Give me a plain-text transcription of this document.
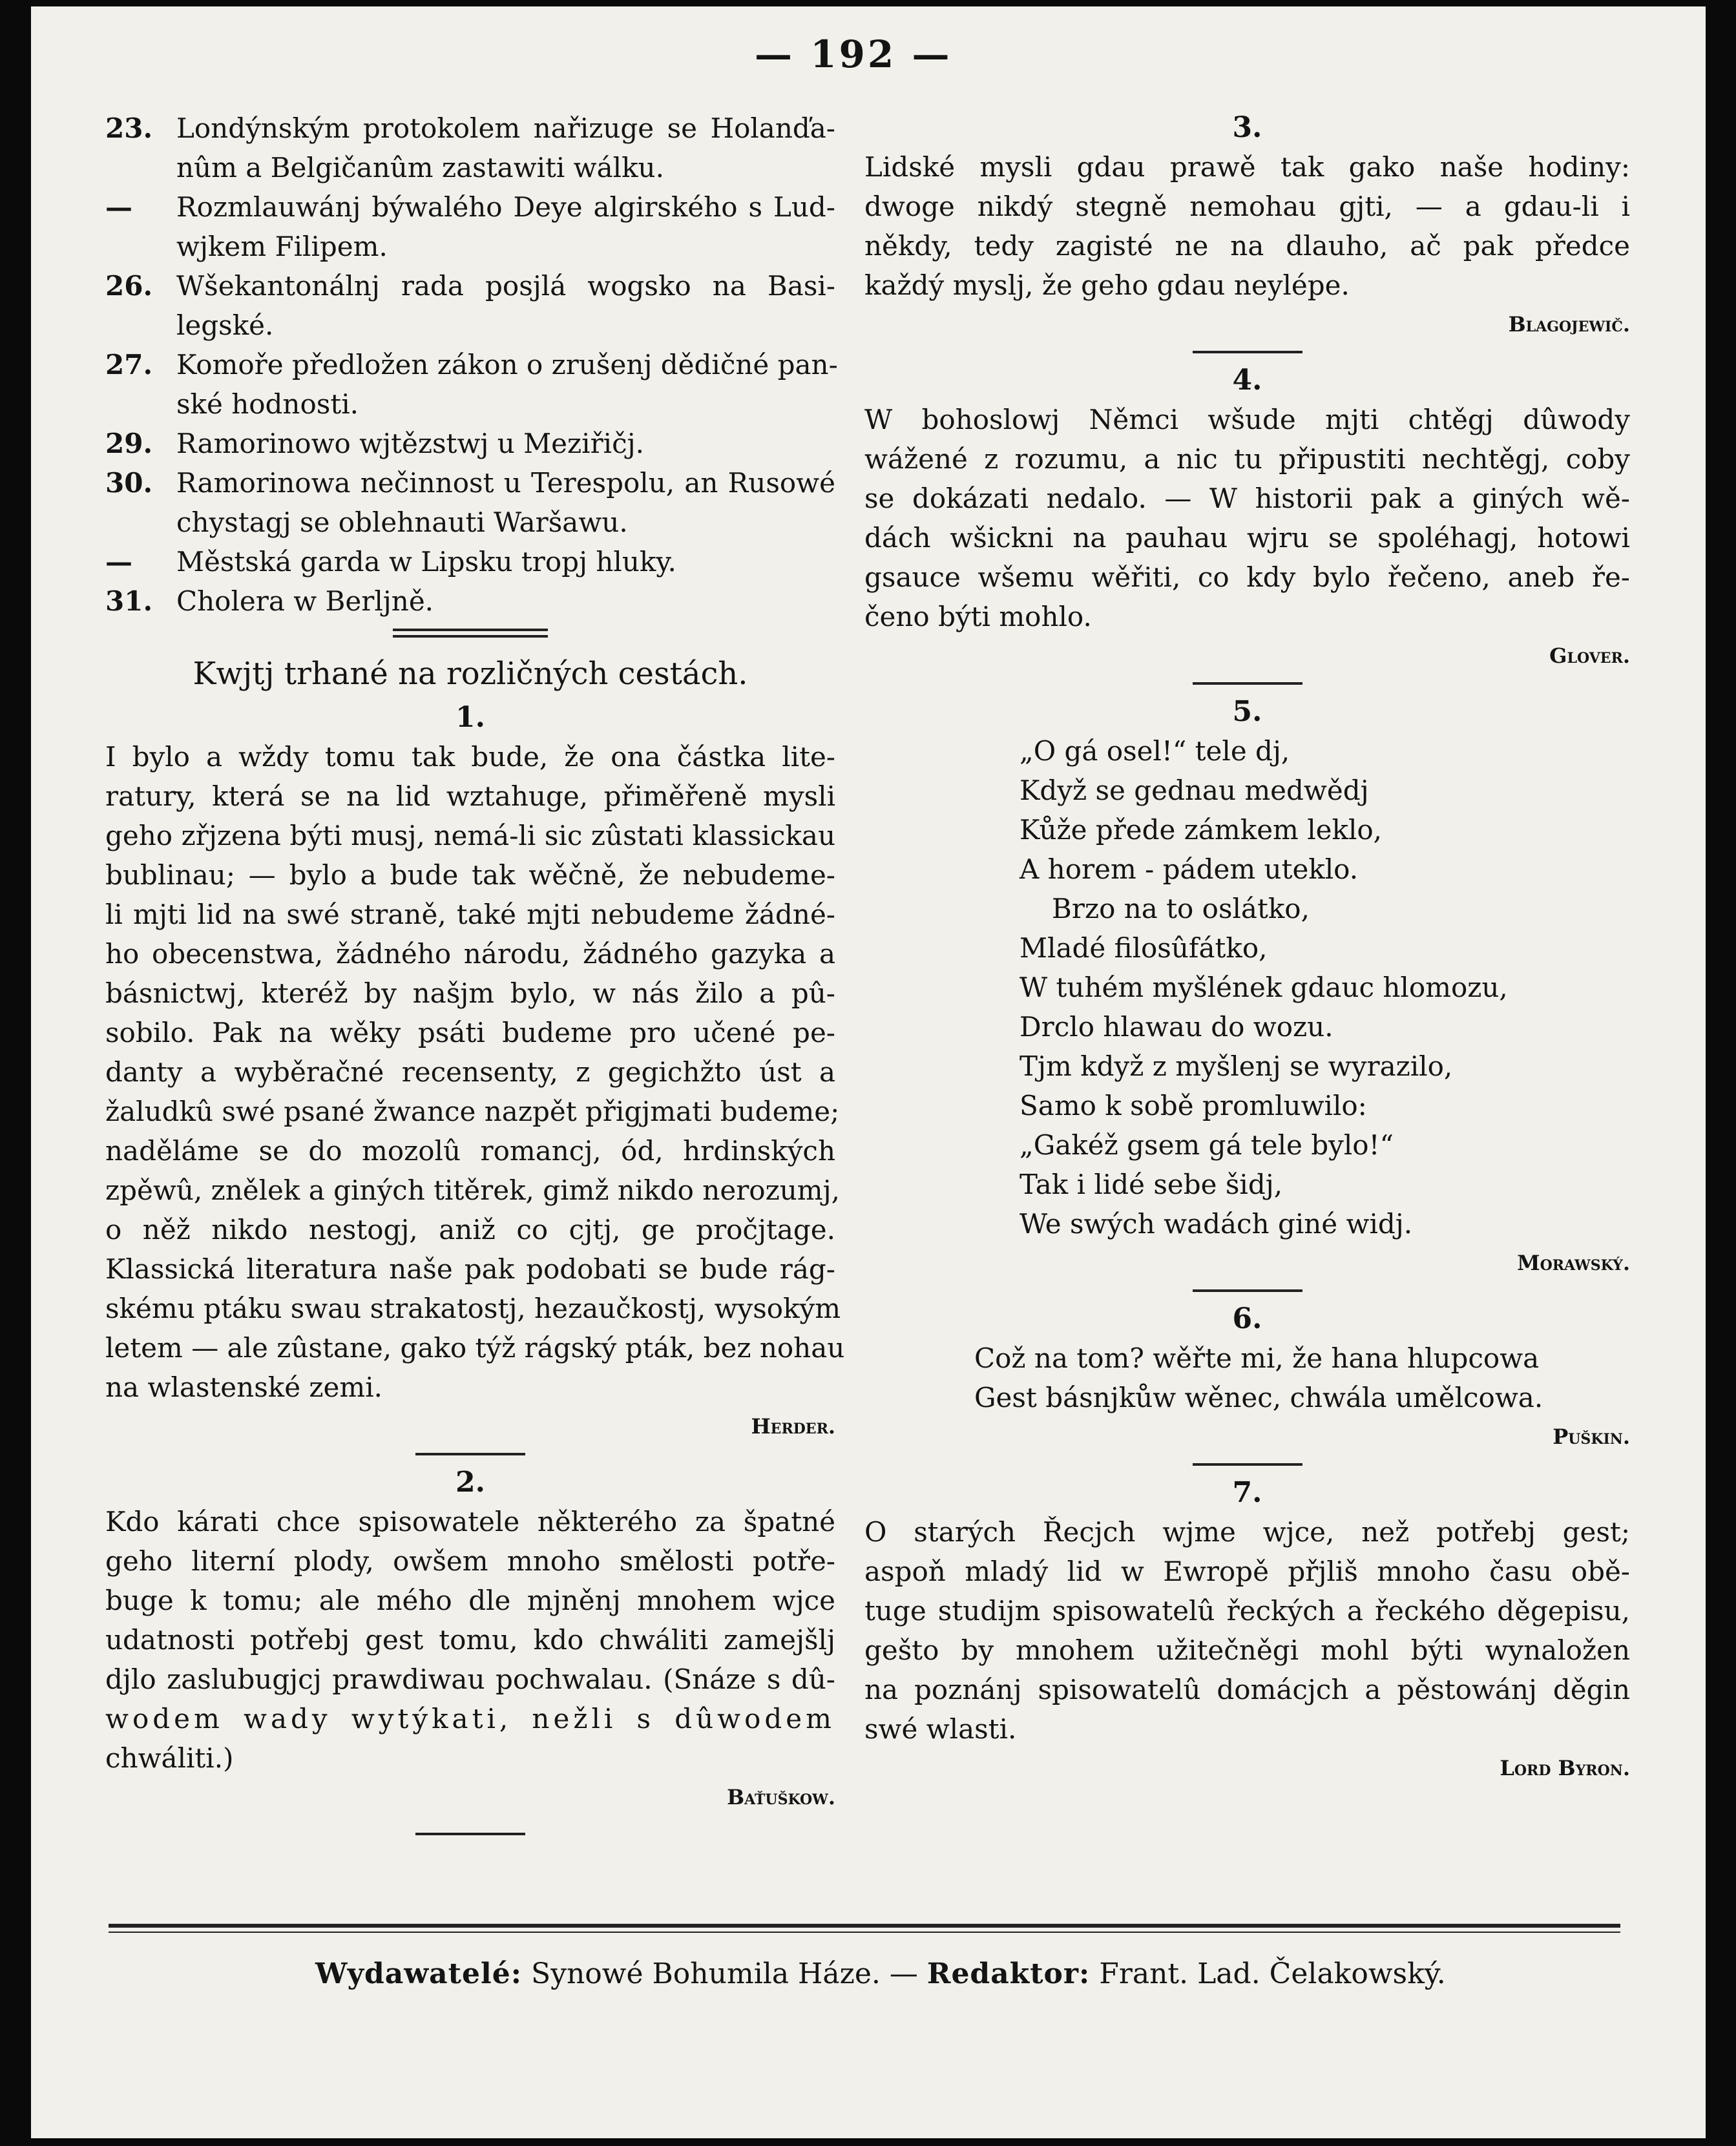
— 192 —
23. Londýnským protokolem nařizuge se Holanďa-
nûm a Belgičanûm zastawiti wálku.
—	Rozmlauwánj býwalého Deye algirského s Lud-
wjkem Filipem.
26. Wšekantonálnj rada posjlá wogsko na Basi-
legské.
27. Komoře předložen zákon o zrušenj dědičné pan-
ské hodnosti.
29. Ramorinowo wjtězstwj u Meziřičj.
30. Ramorinowa nečinnost u Terespolu, an Rusowé
chystagj se oblehnauti Waršawu.
—	Městská garda w Lipsku tropj hluky.
31. Cholera w Berljně.
Kwjtj trhané na rozličných cestách.
1.
I bylo a wždy tomu tak bude, že ona částka lite-
ratury, která se na lid wztahuge, přiměřeně mysli
geho zřjzena býti musj, nemá-li sic zûstati klassickau
bublinau; — bylo a bude tak wěčně, že nebudeme-
li mjti lid na swé straně, také mjti nebudeme žádné-
ho obecenstwa, žádného národu, žádného gazyka a
básnictwj, kteréž by našjm bylo, w nás žilo a pû-
sobilo. Pak na wěky psáti budeme pro učené pe-
danty a wyběračné recensenty, z gegichžto úst a
žaludkû swé psané žwance nazpět přigjmati budeme;
naděláme se do mozolû romancj, ód, hrdinských
zpěwû, znělek a giných titěrek, gimž nikdo nerozumj,
o něž nikdo nestogj, aniž co cjtj, ge pročjtage.
Klassická literatura naše pak podobati se bude rág-
skému ptáku swau strakatostj, hezaučkostj, wysokým
letem — ale zûstane, gako týž rágský pták, bez nohau
na wlastenské zemi.
Herder.
2.
Kdo kárati chce spisowatele některého za špatné
geho literní plody, owšem mnoho smělosti potře-
buge k tomu; ale mého dle mjněnj mnohem wjce
udatnosti potřebj gest tomu, kdo chwáliti zamejšlj
djlo zaslubugjcj prawdiwau pochwalau. (Snáze s dû-
wodem wady wytýkati, nežli s dûwodem
chwáliti.)
Baťuškow.
3.
Lidské mysli gdau prawě tak gako naše hodiny:
dwoge nikdý stegně nemohau gjti, — a gdau-li i
někdy, tedy zagisté ne na dlauho, ač pak předce
každý myslj, že geho gdau neylépe.
Blagojewič.
4.
W bohoslowj Němci wšude mjti chtěgj dûwody
wážené z rozumu, a nic tu připustiti nechtěgj, coby
se dokázati nedalo. — W historii pak a giných wě-
dách wšickni na pauhau wjru se spoléhagj, hotowi
gsauce wšemu wěřiti, co kdy bylo řečeno, aneb ře-
čeno býti mohlo.
Glover.
5.
„O gá osel!“ tele dj,
Když se gednau medwědj
Kůže přede zámkem leklo,
A horem - pádem uteklo.
Brzo na to oslátko,
Mladé filosûfátko,
W tuhém myšlének gdauc hlomozu,
Drclo hlawau do wozu.
Tjm když z myšlenj se wyrazilo,
Samo k sobě promluwilo:
„Gakéž gsem gá tele bylo!“
Tak i lidé sebe šidj,
We swých wadách giné widj.
Morawský.
6.
Což na tom? wěřte mi, že hana hlupcowa
Gest básnjkůw wěnec, chwála umělcowa.
Puškin.
7.
O starých Řecjch wjme wjce, než potřebj gest;
aspoň mladý lid w Ewropě přjliš mnoho času obě-
tuge studijm spisowatelû řeckých a řeckého děgepisu,
gešto by mnohem užitečněgi mohl býti wynaložen
na poznánj spisowatelû domácjch a pěstowánj děgin
swé wlasti.
Lord Byron.
Wydawatelé: Synowé Bohumila Háze. — Redaktor: Frant. Lad. Čelakowský.
